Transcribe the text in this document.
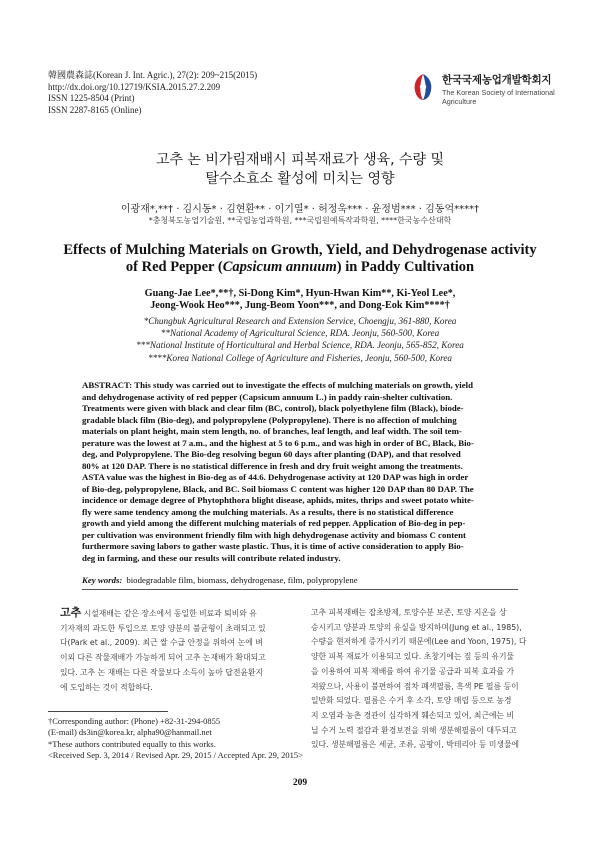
韓國農森誌(Korean J. Int. Agric.), 27(2): 209~215(2015)
http://dx.doi.org/10.12719/KSIA.2015.27.2.209
ISSN 1225-8504 (Print)
ISSN 2287-8165 (Online)
한국국제농업개발학회지
The Korean Society of International
Agriculture
고추 논 비가림재배시 피복재료가 생육, 수량 및
탈수소효소 활성에 미치는 영향
이광재*,**† · 김시동* · 김현환** · 이기열* · 허정욱*** · 윤정범*** · 김동억****†
*충청북도농업기술원, **국립농업과학원, ***국립원예특작과학원, ****한국농수산대학
Effects of Mulching Materials on Growth, Yield, and Dehydrogenase activity
of Red Pepper (Capsicum annuum) in Paddy Cultivation
Guang-Jae Lee*,**†, Si-Dong Kim*, Hyun-Hwan Kim**, Ki-Yeol Lee*,
Jeong-Wook Heo***, Jung-Beom Yoon***, and Dong-Eok Kim****†
*Chungbuk Agricultural Research and Extension Service, Choengju, 361-880, Korea
**National Academy of Agricultural Science, RDA. Jeonju, 560-500, Korea
***National Institute of Horticultural and Herbal Science, RDA. Jeonju, 565-852, Korea
****Korea National College of Agriculture and Fisheries, Jeonju, 560-500, Korea
ABSTRACT: This study was carried out to investigate the effects of mulching materials on growth, yield
and dehydrogenase activity of red pepper (Capsicum annuum L.) in paddy rain-shelter cultivation.
Treatments were given with black and clear film (BC, control), black polyethylene film (Black), biode-
gradable black film (Bio-deg), and polypropylene (Polypropylene). There is no affection of mulching
materials on plant height, main stem length, no. of branches, leaf length, and leaf width. The soil tem-
perature was the lowest at 7 a.m., and the highest at 5 to 6 p.m., and was high in order of BC, Black, Bio-
deg, and Polypropylene. The Bio-deg resolving begun 60 days after planting (DAP), and that resolved
80% at 120 DAP. There is no statistical difference in fresh and dry fruit weight among the treatments.
ASTA value was the highest in Bio-deg as of 44.6. Dehydrogenase activity at 120 DAP was high in order
of Bio-deg, polypropylene, Black, and BC. Soil biomass C content was higher 120 DAP than 80 DAP. The
incidence or demage degree of Phytophthora blight disease, aphids, mites, thrips and sweet potato white-
fly were same tendency among the mulching materials. As a results, there is no statistical difference
growth and yield among the different mulching materials of red pepper. Application of Bio-deg in pep-
per cultivation was environment friendly film with high dehydrogenase activity and biomass C content
furthermore saving labors to gather waste plastic. Thus, it is time of active consideration to apply Bio-
deg in farming, and these our results will contribute related industry.
Key words: biodegradable film, biomass, dehydrogenase, film, polypropylene
고추 시설재배는 같은 장소에서 동일한 비료과 퇴비와 유
기자재의 과도한 투입으로 토양 양분의 불균형이 초래되고 있
다(Park et al., 2009). 최근 쌀 수급 안정을 위하여 논에 벼
이외 다른 작물재배가 가능하게 되어 고추 논재배가 확대되고
있다. 고추 논 재배는 다른 작물보다 소득이 높아 답전윤환지
에 도입하는 것이 적합하다.
고추 피복재배는 잡초방제, 토양수분 보존, 토양 지온을 상
승시키고 양분과 토양의 유실을 방지하며(Jung et al., 1985),
수량을 현저하게 증가시키기 때문에(Lee and Yoon, 1975), 다
양한 피복 재료가 이용되고 있다. 초창기에는 짚 등의 유기물
을 이용하여 피복 재배를 하여 유기물 공급과 피복 효과를 가
져왔으나, 사용이 불편하여 점차 폐색필름, 흑색 PE 필름 등이
일반화 되었다. 필름은 수거 후 소각, 토양 매립 등으로 농경
지 오염과 농촌 경관이 심각하게 훼손되고 있어, 최근에는 비
닐 수거 노력 절감과 환경보전을 위해 생분해필름이 대두되고
있다. 생분해필름은 세균, 조류, 곰팡이, 박테리아 등 미생물에
†Corresponding author: (Phone) +82-31-294-0855
(E-mail) ds3in@korea.kr, alpha90@hanmail.net
*These authors contributed equally to this works.
<Received Sep. 3, 2014 / Revised Apr. 29, 2015 / Accepted Apr. 29, 2015>
209
